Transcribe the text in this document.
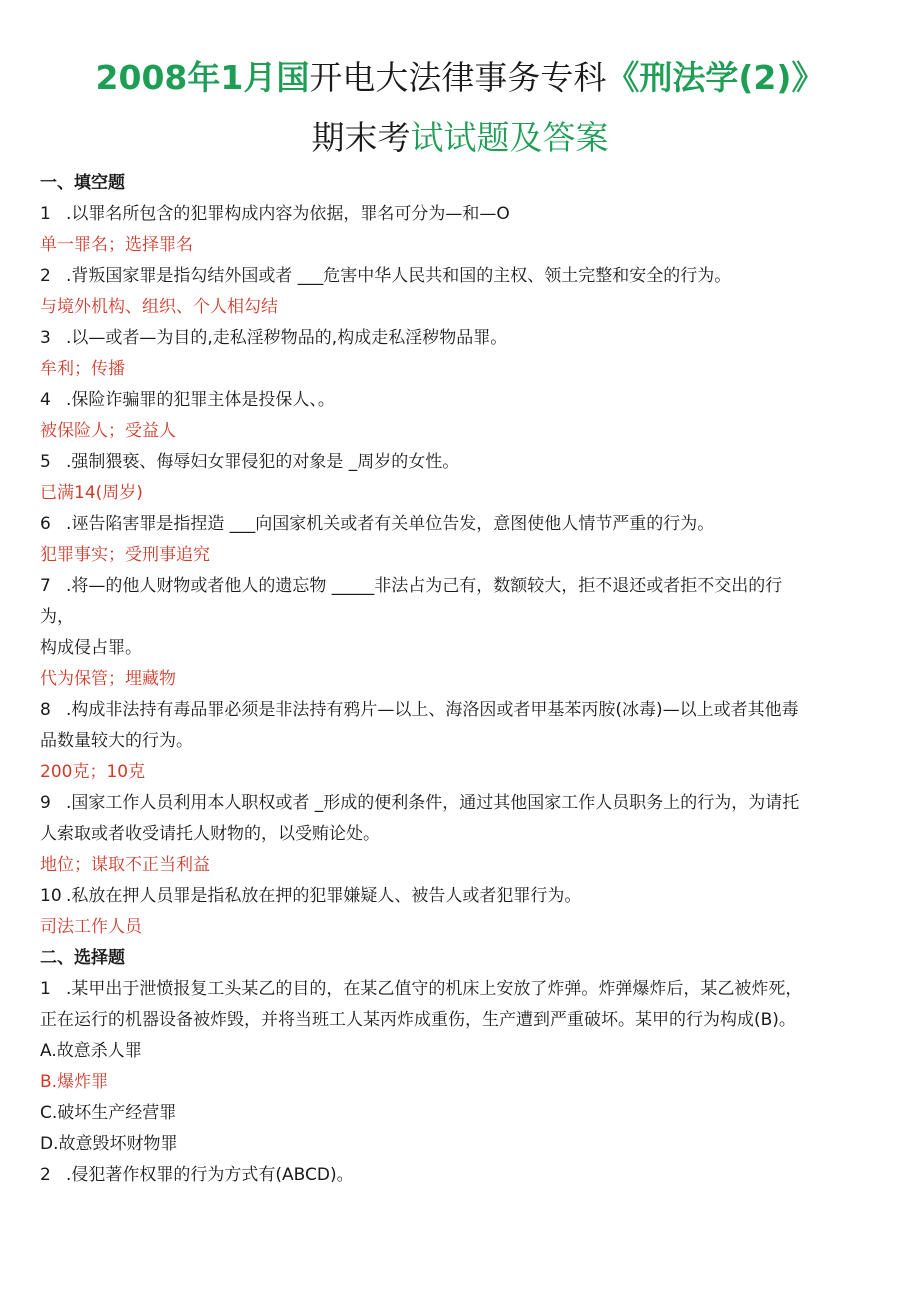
2008年1月国开电大法律事务专科《刑法学(2)》
期末考试试题及答案
一、填空题
1 .以罪名所包含的犯罪构成内容为依据，罪名可分为—和—O
单一罪名；选择罪名
2 .背叛国家罪是指勾结外国或者 ___危害中华人民共和国的主权、领土完整和安全的行为。
与境外机构、组织、个人相勾结
3 .以—或者—为目的,走私淫秽物品的,构成走私淫秽物品罪。
牟利；传播
4 .保险诈骗罪的犯罪主体是投保人、。
被保险人；受益人
5 .强制猥亵、侮辱妇女罪侵犯的对象是 _周岁的女性。
已满14(周岁)
6 .诬告陷害罪是指捏造 ___向国家机关或者有关单位告发，意图使他人情节严重的行为。
犯罪事实；受刑事追究
7 .将—的他人财物或者他人的遗忘物 _____非法占为己有，数额较大，拒不退还或者拒不交出的行
为，
构成侵占罪。
代为保管；埋藏物
8 .构成非法持有毒品罪必须是非法持有鸦片—以上、海洛因或者甲基苯丙胺(冰毒)—以上或者其他毒
品数量较大的行为。
200克；10克
9 .国家工作人员利用本人职权或者 _形成的便利条件，通过其他国家工作人员职务上的行为，为请托
人索取或者收受请托人财物的，以受贿论处。
地位；谋取不正当利益
10 .私放在押人员罪是指私放在押的犯罪嫌疑人、被告人或者犯罪行为。
司法工作人员
二、选择题
1 .某甲出于泄愤报复工头某乙的目的，在某乙值守的机床上安放了炸弹。炸弹爆炸后，某乙被炸死，
正在运行的机器设备被炸毁，并将当班工人某丙炸成重伤，生产遭到严重破坏。某甲的行为构成(B)。
A.故意杀人罪
B.爆炸罪
C.破坏生产经营罪
D.故意毁坏财物罪
2 .侵犯著作权罪的行为方式有(ABCD)。
